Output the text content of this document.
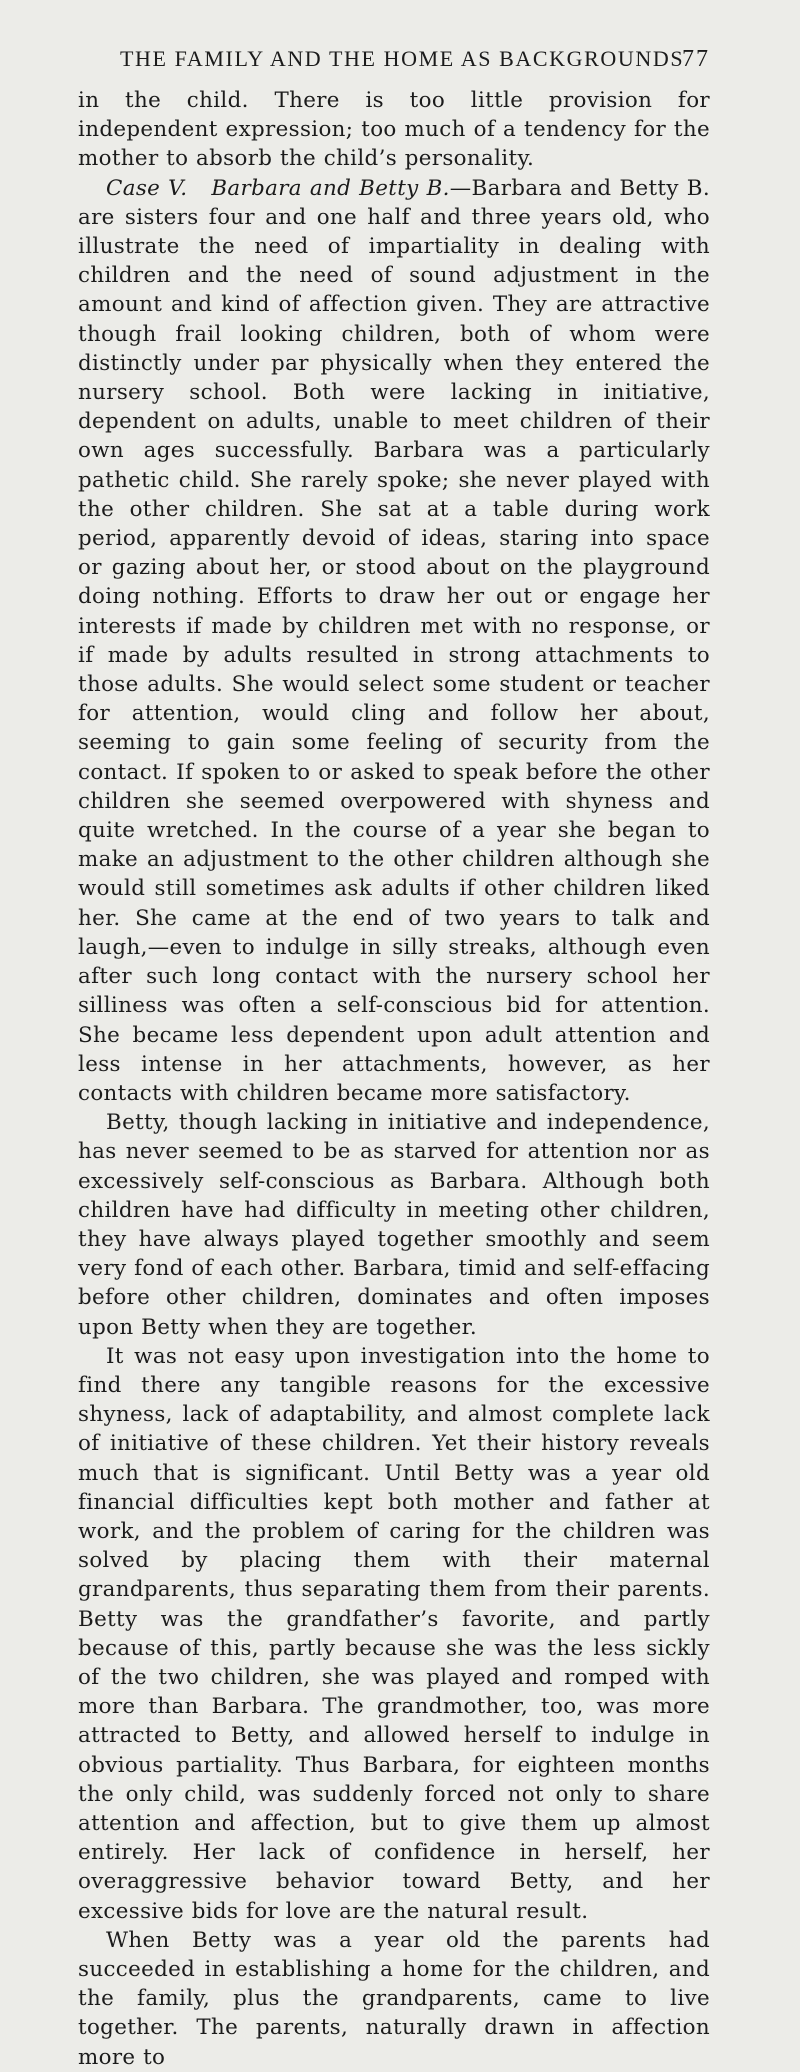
THE FAMILY AND THE HOME AS BACKGROUNDS
77

in the child. There is too little provision for independent expression; too much of a tendency for the mother to absorb the child’s personality.

Case V. Barbara and Betty B.—Barbara and Betty B. are sisters four and one half and three years old, who illustrate the need of impartiality in dealing with children and the need of sound adjustment in the amount and kind of affection given. They are attractive though frail looking children, both of whom were distinctly under par physically when they entered the nursery school. Both were lacking in initiative, dependent on adults, unable to meet children of their own ages successfully. Barbara was a particularly pathetic child. She rarely spoke; she never played with the other children. She sat at a table during work period, apparently devoid of ideas, staring into space or gazing about her, or stood about on the playground doing nothing. Efforts to draw her out or engage her interests if made by children met with no response, or if made by adults resulted in strong attachments to those adults. She would select some student or teacher for attention, would cling and follow her about, seeming to gain some feeling of security from the contact. If spoken to or asked to speak before the other children she seemed overpowered with shyness and quite wretched. In the course of a year she began to make an adjustment to the other children although she would still sometimes ask adults if other children liked her. She came at the end of two years to talk and laugh,—even to indulge in silly streaks, although even after such long contact with the nursery school her silliness was often a self-conscious bid for attention. She became less dependent upon adult attention and less intense in her attachments, however, as her contacts with children became more satisfactory.

Betty, though lacking in initiative and independence, has never seemed to be as starved for attention nor as excessively self-conscious as Barbara. Although both children have had difficulty in meeting other children, they have always played together smoothly and seem very fond of each other. Barbara, timid and self-effacing before other children, dominates and often imposes upon Betty when they are together.

It was not easy upon investigation into the home to find there any tangible reasons for the excessive shyness, lack of adaptability, and almost complete lack of initiative of these children. Yet their history reveals much that is significant. Until Betty was a year old financial difficulties kept both mother and father at work, and the problem of caring for the children was solved by placing them with their maternal grandparents, thus separating them from their parents. Betty was the grandfather’s favorite, and partly because of this, partly because she was the less sickly of the two children, she was played and romped with more than Barbara. The grandmother, too, was more attracted to Betty, and allowed herself to indulge in obvious partiality. Thus Barbara, for eighteen months the only child, was suddenly forced not only to share attention and affection, but to give them up almost entirely. Her lack of confidence in herself, her overaggressive behavior toward Betty, and her excessive bids for love are the natural result.

When Betty was a year old the parents had succeeded in establishing a home for the children, and the family, plus the grandparents, came to live together. The parents, naturally drawn in affection more to
